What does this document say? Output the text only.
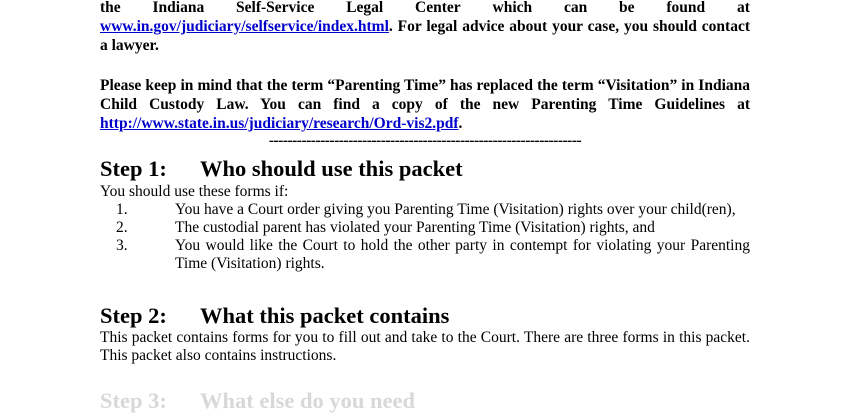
the Indiana Self-Service Legal Center which can be found at
www.in.gov/judiciary/selfservice/index.html. For legal advice about your case, you should contact a lawyer.

Please keep in mind that the term “Parenting Time” has replaced the term “Visitation” in Indiana Child Custody Law. You can find a copy of the new Parenting Time Guidelines at http://www.state.in.us/judiciary/research/Ord-vis2.pdf.

-------------------------------------------------------------------
Step 1:	Who should use this packet

You should use these forms if:

1.	You have a Court order giving you Parenting Time (Visitation) rights over your child(ren),
2.	The custodial parent has violated your Parenting Time (Visitation) rights, and
3.	You would like the Court to hold the other party in contempt for violating your Parenting Time (Visitation) rights.
Step 2:	What this packet contains

This packet contains forms for you to fill out and take to the Court. There are three forms in this packet. This packet also contains instructions.

Step 3:	What else do you need
